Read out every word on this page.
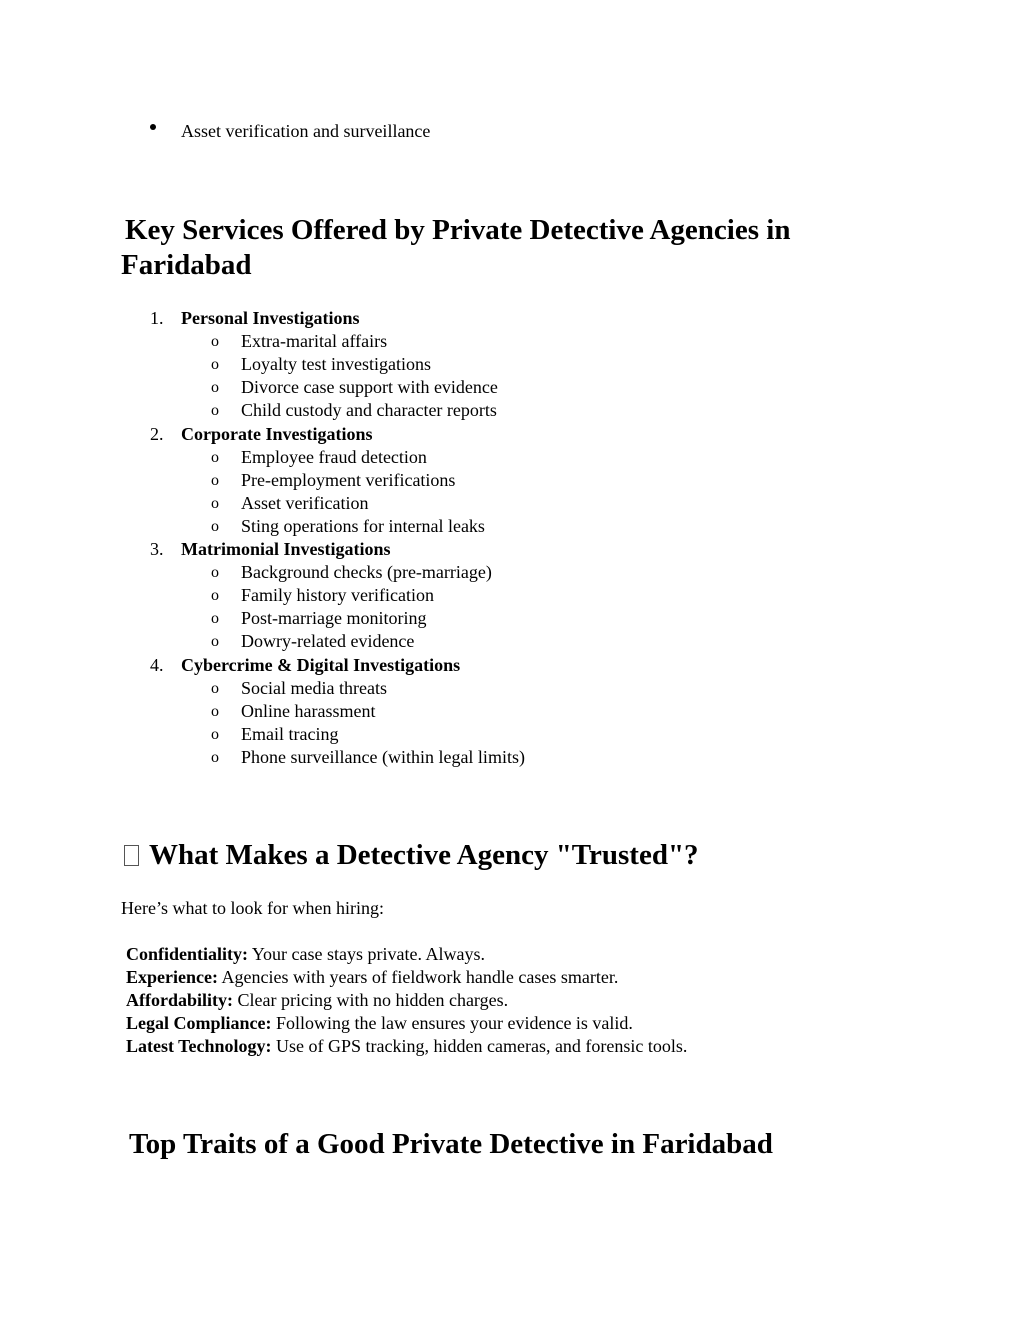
Asset verification and surveillance
Key Services Offered by Private Detective Agencies in Faridabad
1. Personal Investigations
o Extra-marital affairs
o Loyalty test investigations
o Divorce case support with evidence
o Child custody and character reports
2. Corporate Investigations
o Employee fraud detection
o Pre-employment verifications
o Asset verification
o Sting operations for internal leaks
3. Matrimonial Investigations
o Background checks (pre-marriage)
o Family history verification
o Post-marriage monitoring
o Dowry-related evidence
4. Cybercrime & Digital Investigations
o Social media threats
o Online harassment
o Email tracing
o Phone surveillance (within legal limits)
What Makes a Detective Agency "Trusted"?
Here’s what to look for when hiring:
Confidentiality: Your case stays private. Always.
Experience: Agencies with years of fieldwork handle cases smarter.
Affordability: Clear pricing with no hidden charges.
Legal Compliance: Following the law ensures your evidence is valid.
Latest Technology: Use of GPS tracking, hidden cameras, and forensic tools.
Top Traits of a Good Private Detective in Faridabad
